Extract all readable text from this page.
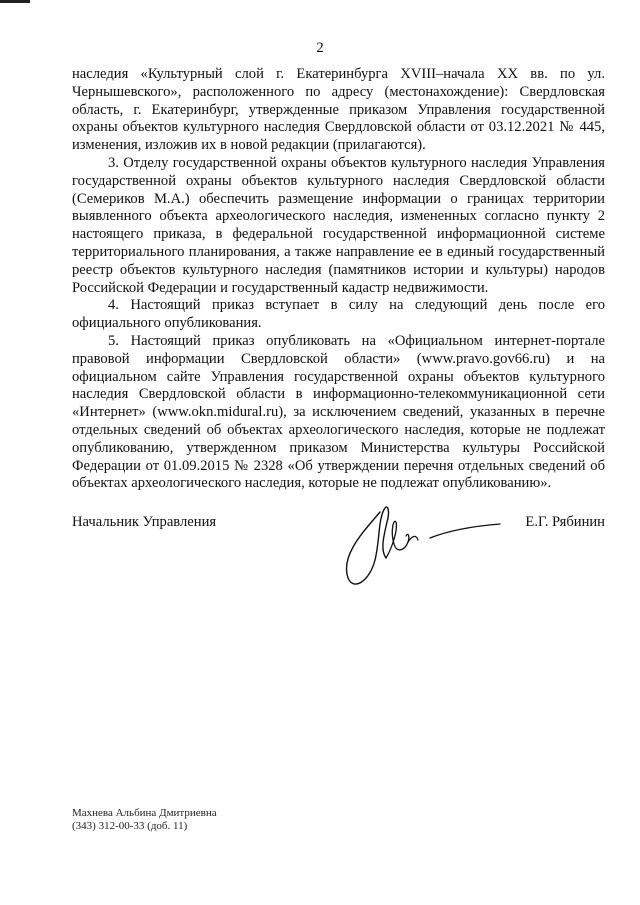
2

наследия «Культурный слой г. Екатеринбурга XVIII–начала XX вв. по ул. Чернышевского», расположенного по адресу (местонахождение): Свердловская область, г. Екатеринбург, утвержденные приказом Управления государственной охраны объектов культурного наследия Свердловской области от 03.12.2021 № 445, изменения, изложив их в новой редакции (прилагаются).

3. Отделу государственной охраны объектов культурного наследия Управления государственной охраны объектов культурного наследия Свердловской области (Семериков М.А.) обеспечить размещение информации о границах территории выявленного объекта археологического наследия, измененных согласно пункту 2 настоящего приказа, в федеральной государственной информационной системе территориального планирования, а также направление ее в единый государственный реестр объектов культурного наследия (памятников истории и культуры) народов Российской Федерации и государственный кадастр недвижимости.

4. Настоящий приказ вступает в силу на следующий день после его официального опубликования.

5. Настоящий приказ опубликовать на «Официальном интернет-портале правовой информации Свердловской области» (www.pravo.gov66.ru) и на официальном сайте Управления государственной охраны объектов культурного наследия Свердловской области в информационно-телекоммуникационной сети «Интернет» (www.okn.midural.ru), за исключением сведений, указанных в перечне отдельных сведений об объектах археологического наследия, которые не подлежат опубликованию, утвержденном приказом Министерства культуры Российской Федерации от 01.09.2015 № 2328 «Об утверждении перечня отдельных сведений об объектах археологического наследия, которые не подлежат опубликованию».

Начальник Управления	Е.Г. Рябинин
Махнева Альбина Дмитриевна
(343) 312-00-33 (доб. 11)
